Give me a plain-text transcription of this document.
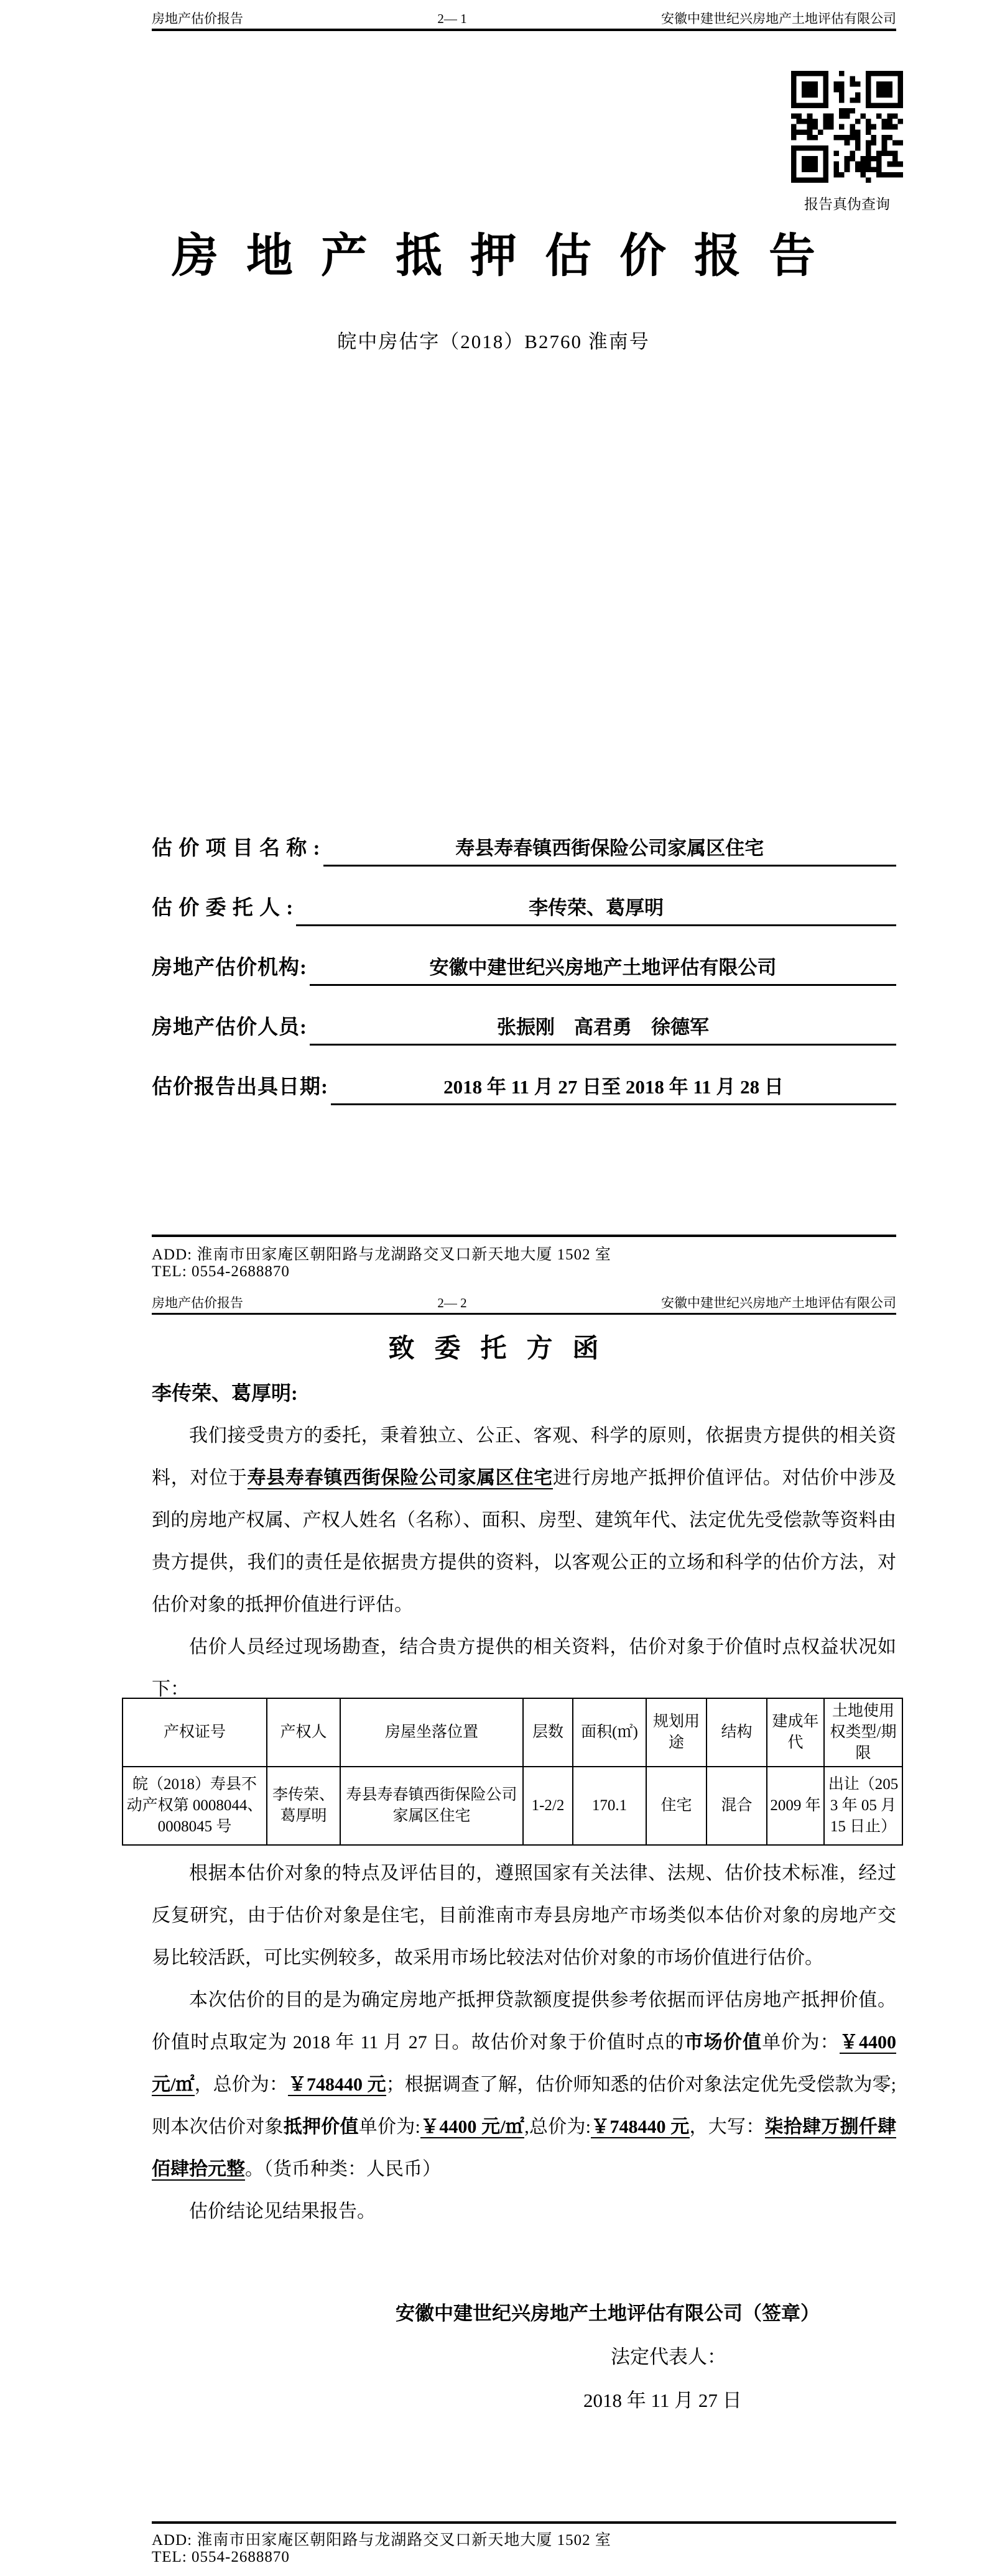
房地产估价报告	2— 1	安徽中建世纪兴房地产土地评估有限公司
报告真伪查询
房地产抵押估价报告
皖中房估字（2018）B2760 淮南号
估 价 项 目 名 称 :	寿县寿春镇西街保险公司家属区住宅
估 价 委 托 人 :	李传荣、葛厚明
房地产估价机构:	安徽中建世纪兴房地产土地评估有限公司
房地产估价人员:	张振刚　高君勇　徐德军
估价报告出具日期:	2018 年 11 月 27 日至 2018 年 11 月 28 日
ADD: 淮南市田家庵区朝阳路与龙湖路交叉口新天地大厦 1502 室
TEL: 0554-2688870
房地产估价报告	2— 2	安徽中建世纪兴房地产土地评估有限公司
致委托方函
李传荣、葛厚明:

我们接受贵方的委托，秉着独立、公正、客观、科学的原则，依据贵方提供的相关资料，对位于寿县寿春镇西街保险公司家属区住宅进行房地产抵押价值评估。对估价中涉及到的房地产权属、产权人姓名（名称）、面积、房型、建筑年代、法定优先受偿款等资料由贵方提供，我们的责任是依据贵方提供的资料，以客观公正的立场和科学的估价方法，对估价对象的抵押价值进行评估。

估价人员经过现场勘查，结合贵方提供的相关资料，估价对象于价值时点权益状况如下：

产权证号	产权人	房屋坐落位置	层数	面积(㎡)	规划用途	结构	建成年代	土地使用权类型/期限
皖（2018）寿县不动产权第 0008044、0008045 号	李传荣、葛厚明	寿县寿春镇西街保险公司家属区住宅	1-2/2	170.1	住宅	混合	2009 年	出让（2053 年 05 月 15 日止）

根据本估价对象的特点及评估目的，遵照国家有关法律、法规、估价技术标准，经过反复研究，由于估价对象是住宅，目前淮南市寿县房地产市场类似本估价对象的房地产交易比较活跃，可比实例较多，故采用市场比较法对估价对象的市场价值进行估价。

本次估价的目的是为确定房地产抵押贷款额度提供参考依据而评估房地产抵押价值。价值时点取定为 2018 年 11 月 27 日。故估价对象于价值时点的市场价值单价为：￥4400 元/㎡，总价为：￥748440 元；根据调查了解，估价师知悉的估价对象法定优先受偿款为零;则本次估价对象抵押价值单价为:￥4400 元/㎡,总价为:￥748440 元，大写：柒拾肆万捌仟肆佰肆拾元整。（货币种类：人民币）

估价结论见结果报告。

安徽中建世纪兴房地产土地评估有限公司（签章）
法定代表人：
2018 年 11 月 27 日
ADD: 淮南市田家庵区朝阳路与龙湖路交叉口新天地大厦 1502 室
TEL: 0554-2688870
